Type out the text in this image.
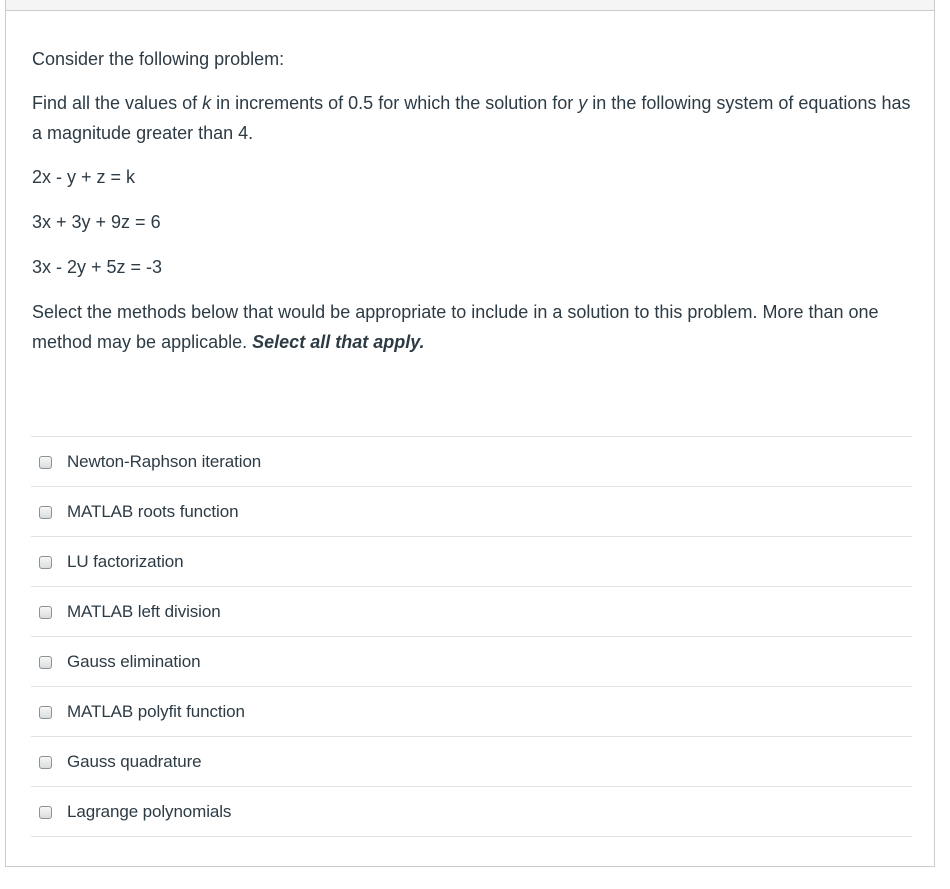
Consider the following problem:

Find all the values of k in increments of 0.5 for which the solution for y in the following system of equations has a magnitude greater than 4.

2x - y + z = k

3x + 3y + 9z = 6

3x - 2y + 5z = -3

Select the methods below that would be appropriate to include in a solution to this problem. More than one method may be applicable. Select all that apply.

Newton-Raphson iteration
MATLAB roots function
LU factorization
MATLAB left division
Gauss elimination
MATLAB polyfit function
Gauss quadrature
Lagrange polynomials
